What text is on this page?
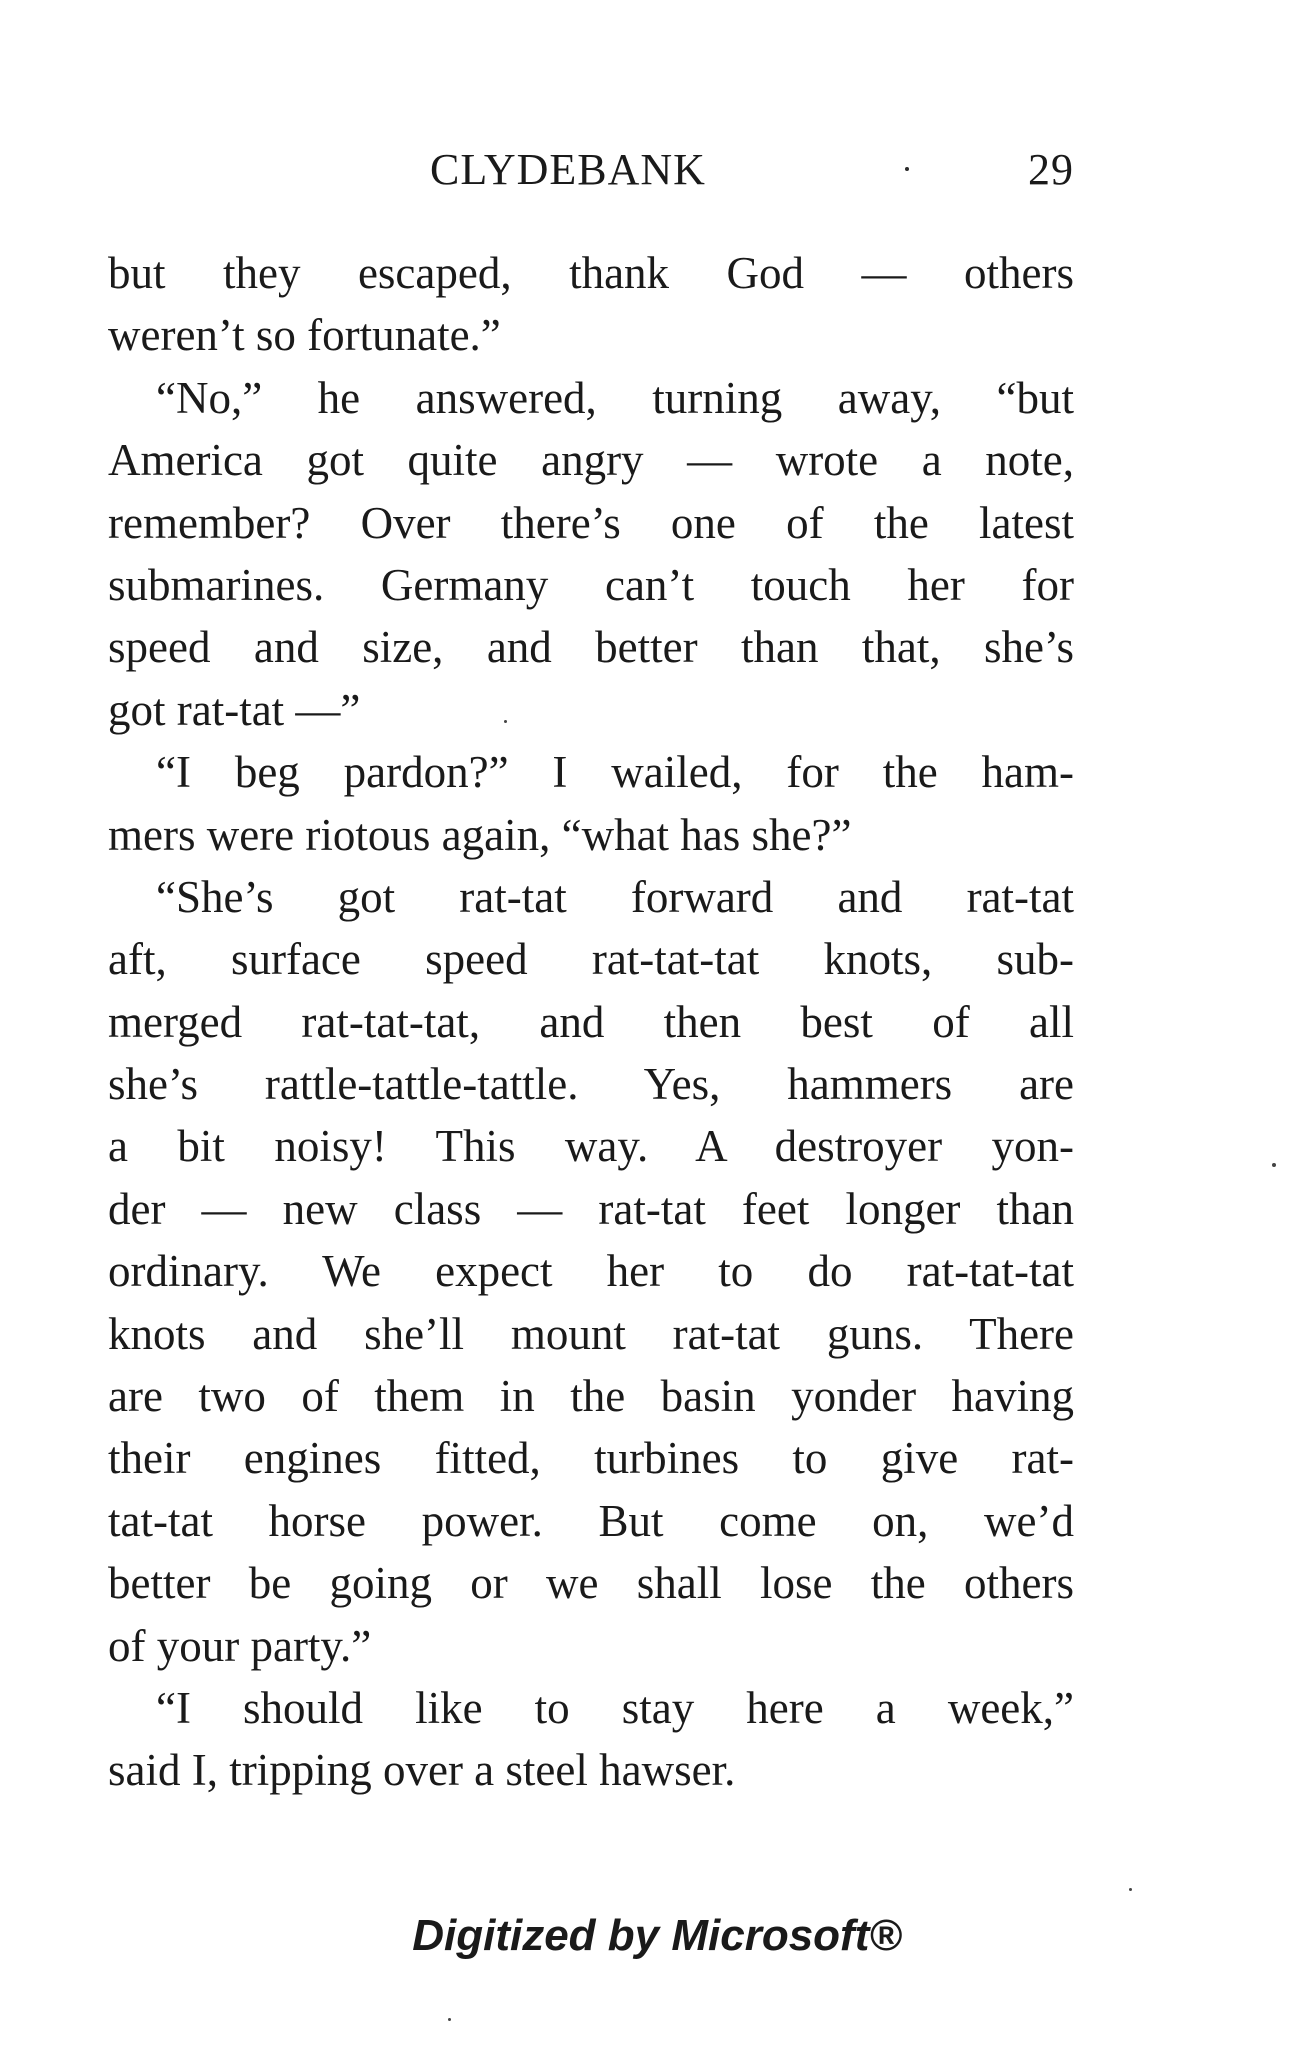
CLYDEBANK	29
but they escaped, thank God — others
weren’t so fortunate.”
“No,” he answered, turning away, “but
America got quite angry — wrote a note,
remember? Over there’s one of the latest
submarines. Germany can’t touch her for
speed and size, and better than that, she’s
got rat-tat —”
“I beg pardon?” I wailed, for the ham-
mers were riotous again, “what has she?”
“She’s got rat-tat forward and rat-tat
aft, surface speed rat-tat-tat knots, sub-
merged rat-tat-tat, and then best of all
she’s rattle-tattle-tattle. Yes, hammers are
a bit noisy! This way. A destroyer yon-
der — new class — rat-tat feet longer than
ordinary. We expect her to do rat-tat-tat
knots and she’ll mount rat-tat guns. There
are two of them in the basin yonder having
their engines fitted, turbines to give rat-
tat-tat horse power. But come on, we’d
better be going or we shall lose the others
of your party.”
“I should like to stay here a week,”
said I, tripping over a steel hawser.
Digitized by Microsoft®
